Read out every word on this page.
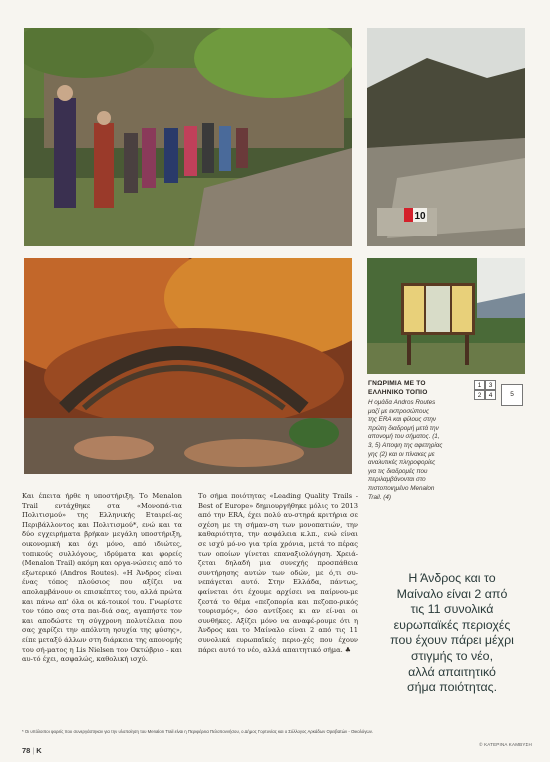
10
ΓΝΩΡΙΜΙΑ ΜΕ ΤΟ
ΕΛΛΗΝΙΚΟ ΤΟΠΙΟ
Η ομάδα Andros Routes
μαζί με εκπροσώπους
της ERA και φίλους στην
πρώτη διαδρομή μετά την
απονομή του σήματος. (1,
3, 5) Αποψη της αφετηρίας
γης (2) και οι πίνακες με
αναλυτικές πληροφορίες
για τις διαδρομές που
περιλαμβάνονται στο
πιστοποιημένο Menalon
Trail. (4)
1	3
2	4	5
Και έπειτα ήρθε η υποστήριξη. Το Menalon Trail εντάχθηκε στα «Μονοπά-τια Πολιτισμού» της Ελληνικής Εταιρεί-ας Περιβάλλοντος και Πολιτισμού*, ενώ και τα δύο εγχειρήματα βρήκαν μεγάλη υποστήριξη, οικονομική και όχι μόνο, από ιδιώτες, τοπικούς συλλόγους, ιδρύματα και φορείς (Menalon Trail) ακόμη και οργα-νώσεις από το εξωτερικό (Andros Routes). «Η Άνδρος είναι ένας τόπος πλούσιος που αξίζει να απολαμβάνουν οι επισκέπτες του, αλλά πρώτα και πάνω απ' όλα οι κά-τοικοί του. Γνωρίστε τον τόπο σας στα παι-διά σας, αγαπήστε τον και αποδώστε τη σύγχρονη πολυτέλεια που σας χαρίζει την απόλυτη ησυχία της φύσης», είπε μεταξύ άλλων στη διάρκεια της απονομής του σή-ματος η Lis Nielsen τον Οκτώβριο - και αυ-τό έχει, ασφαλώς, καθολική ισχύ.
Το σήμα ποιότητας «Leading Quality Trails - Best of Europe» δημιουργήθηκε μόλις το 2013 από την ERA, έχει πολύ αυ-στηρά κριτήρια σε σχέση με τη σήμαν-ση των μονοπατιών, την καθαριότητα, την ασφάλεια κ.λπ., ενώ είναι σε ισχύ μό-νο για τρία χρόνια, μετά το πέρας των οποίων γίνεται επαναξιολόγηση. Χρειά-ζεται δηλαδή μια συνεχής προσπάθεια συντήρησης αυτών των οδών, με ό,τι συ-νεπάγεται αυτό. Στην Ελλάδα, πάντως, φαίνεται ότι έχουμε αρχίσει να παίρνου-με ζεστά το θέμα «πεζοπορία και πεζοπο-ρικός τουρισμός», όσο αντίξοες κι αν εί-ναι οι συνθήκες. Αξίζει μόνο να αναφέ-ρουμε ότι η Άνδρος και το Μαίναλο είναι 2 από τις 11 συνολικά ευρωπαϊκές περιο-χές που έχουν πάρει αυτό το νέο, αλλά απαιτητικό σήμα. ♣
Η Άνδρος και το
Μαίναλο είναι 2 από
τις 11 συνολικά
ευρωπαϊκές περιοχές
που έχουν πάρει μέχρι
στιγμής το νέο,
αλλά απαιτητικό
σήμα ποιότητας.
* Οι υπόλοιποι φορείς που συνεργάστηκαν για την υλοποίηση του Menalon Trail είναι η Περιφέρεια Πελοποννήσου, ο Δήμος Γορτυνίας και ο Σύλλογος Αρκάδων Ορειβατών - Οικολόγων.
78 | K
© ΚΑΤΕΡΙΝΑ ΚΑΜΒΥΣΗ
